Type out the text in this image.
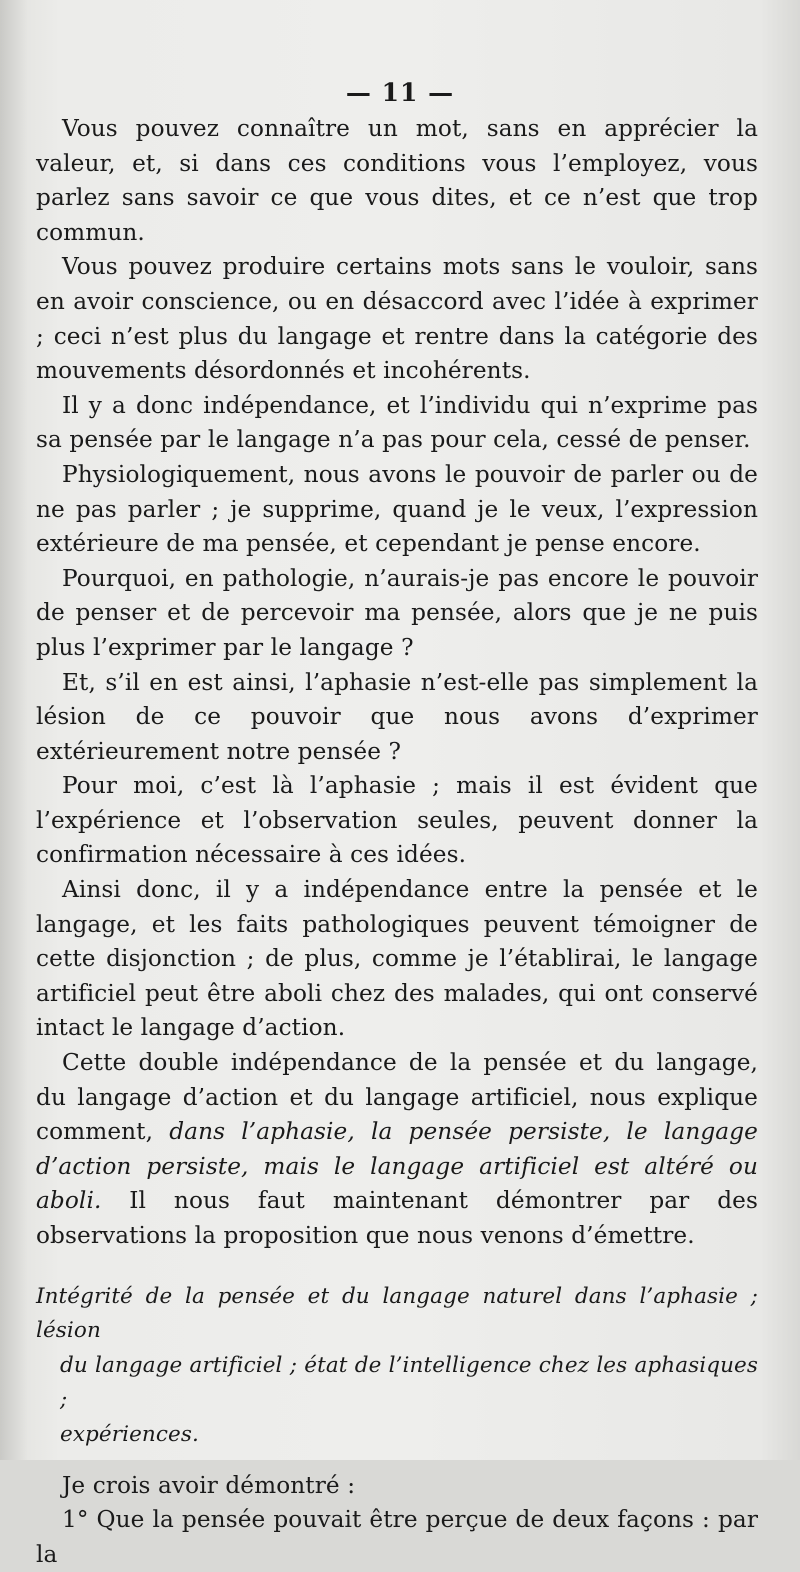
— 11 —

Vous pouvez connaître un mot, sans en apprécier la valeur, et, si dans ces conditions vous l’employez, vous parlez sans savoir ce que vous dites, et ce n’est que trop commun.

Vous pouvez produire certains mots sans le vouloir, sans en avoir conscience, ou en désaccord avec l’idée à exprimer ; ceci n’est plus du langage et rentre dans la catégorie des mouvements désordonnés et incohérents.

Il y a donc indépendance, et l’individu qui n’exprime pas sa pensée par le langage n’a pas pour cela, cessé de penser.

Physiologiquement, nous avons le pouvoir de parler ou de ne pas parler ; je supprime, quand je le veux, l’expression extérieure de ma pensée, et cependant je pense encore.

Pourquoi, en pathologie, n’aurais-je pas encore le pouvoir de penser et de percevoir ma pensée, alors que je ne puis plus l’exprimer par le langage ?

Et, s’il en est ainsi, l’aphasie n’est-elle pas simplement la lésion de ce pouvoir que nous avons d’exprimer extérieurement notre pensée ?

Pour moi, c’est là l’aphasie ; mais il est évident que l’expérience et l’observation seules, peuvent donner la confirmation nécessaire à ces idées.

Ainsi donc, il y a indépendance entre la pensée et le langage, et les faits pathologiques peuvent témoigner de cette disjonction ; de plus, comme je l’établirai, le langage artificiel peut être aboli chez des malades, qui ont conservé intact le langage d’action.

Cette double indépendance de la pensée et du langage, du langage d’action et du langage artificiel, nous explique comment, dans l’aphasie, la pensée persiste, le langage d’action persiste, mais le langage artificiel est altéré ou aboli. Il nous faut maintenant démontrer par des observations la proposition que nous venons d’émettre.

Intégrité de la pensée et du langage naturel dans l’aphasie ; lésion
du langage artificiel ; état de l’intelligence chez les aphasiques ;
expériences.

Je crois avoir démontré :

1° Que la pensée pouvait être perçue de deux façons : par la
